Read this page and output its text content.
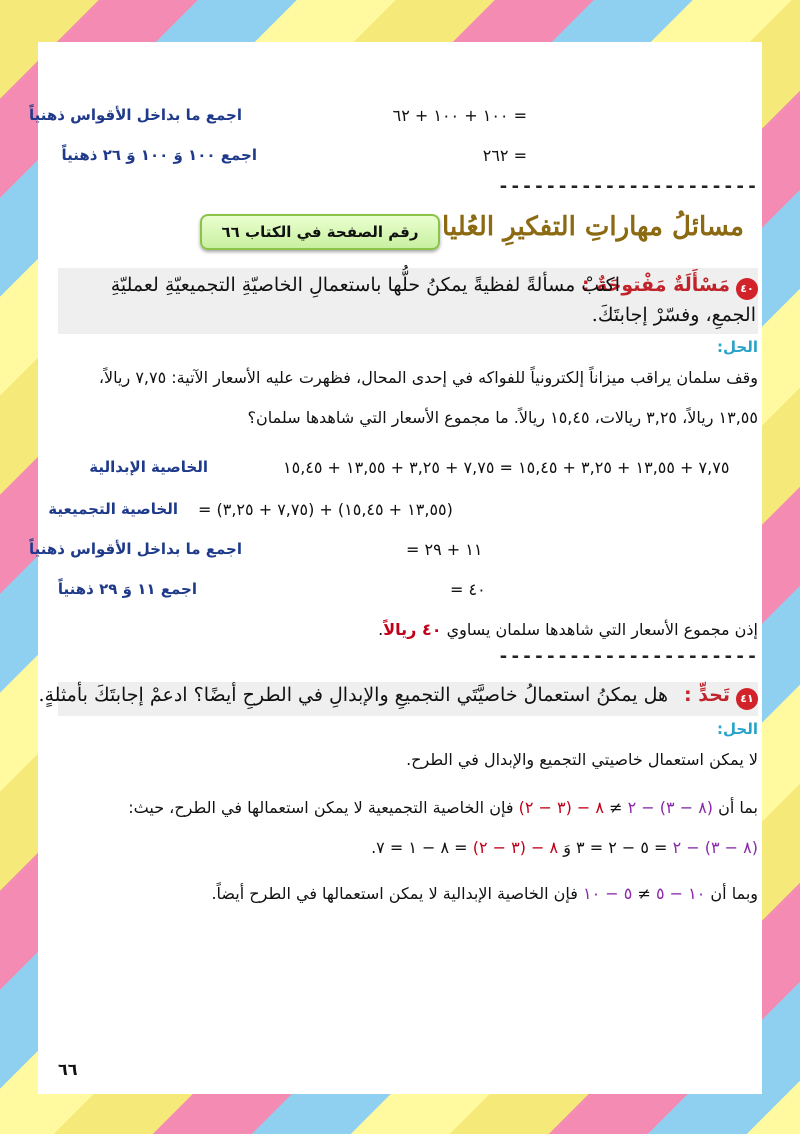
= ١٠٠ + ١٠٠ + ٦٢
اجمع ما بداخل الأقواس ذهنياً
= ٢٦٢
اجمع ١٠٠ وَ ١٠٠ وَ ٢٦ ذهنياً
----------------------
مسائلُ مهاراتِ التفكيرِ العُليا
رقم الصفحة في الكتاب ٦٦
٤٠
مَسْأَلَةٌ مَفْتوحَةٌ :
اكتبْ مسألةً لفظيةً يمكنُ حلُّها باستعمالِ الخاصيّةِ التجميعيّةِ لعمليّةِ
الجمعِ، وفسّرْ إجابتَكَ.
الحل:
وقف سلمان يراقب ميزاناً إلكترونياً للفواكه في إحدى المحال، فظهرت عليه الأسعار الآتية: ٧,٧٥ ريالاً،
١٣,٥٥ ريالاً، ٣,٢٥ ريالات، ١٥,٤٥ ريالاً. ما مجموع الأسعار التي شاهدها سلمان؟
٧,٧٥ + ١٣,٥٥ + ٣,٢٥ + ١٥,٤٥ = ٧,٧٥ + ٣,٢٥ + ١٣,٥٥ + ١٥,٤٥
الخاصية الإبدالية
= (٧,٧٥ + ٣,٢٥) + (١٣,٥٥ + ١٥,٤٥)
الخاصية التجميعية
= ١١ + ٢٩
اجمع ما بداخل الأقواس ذهنياً
= ٤٠
اجمع ١١ وَ ٢٩ ذهنياً
إذن مجموع الأسعار التي شاهدها سلمان يساوي ٤٠ ريالاً.
----------------------
٤١
تَحدٍّ :
هل يمكنُ استعمالُ خاصيَّتَي التجميعِ والإبدالِ في الطرحِ أيضًا؟ ادعمْ إجابتَكَ بأمثلةٍ.
الحل:
لا يمكن استعمال خاصيتي التجميع والإبدال في الطرح.
بما أن (٨ − ٣) − ٢ ≠ ٨ − (٣ − ٢) فإن الخاصية التجميعية لا يمكن استعمالها في الطرح، حيث:
(٨ − ٣) − ٢ = ٥ − ٢ = ٣ وَ ٨ − (٣ − ٢) = ٨ − ١ = ٧.
وبما أن ١٠ − ٥ ≠ ٥ − ١٠ فإن الخاصية الإبدالية لا يمكن استعمالها في الطرح أيضاً.
٦٦
